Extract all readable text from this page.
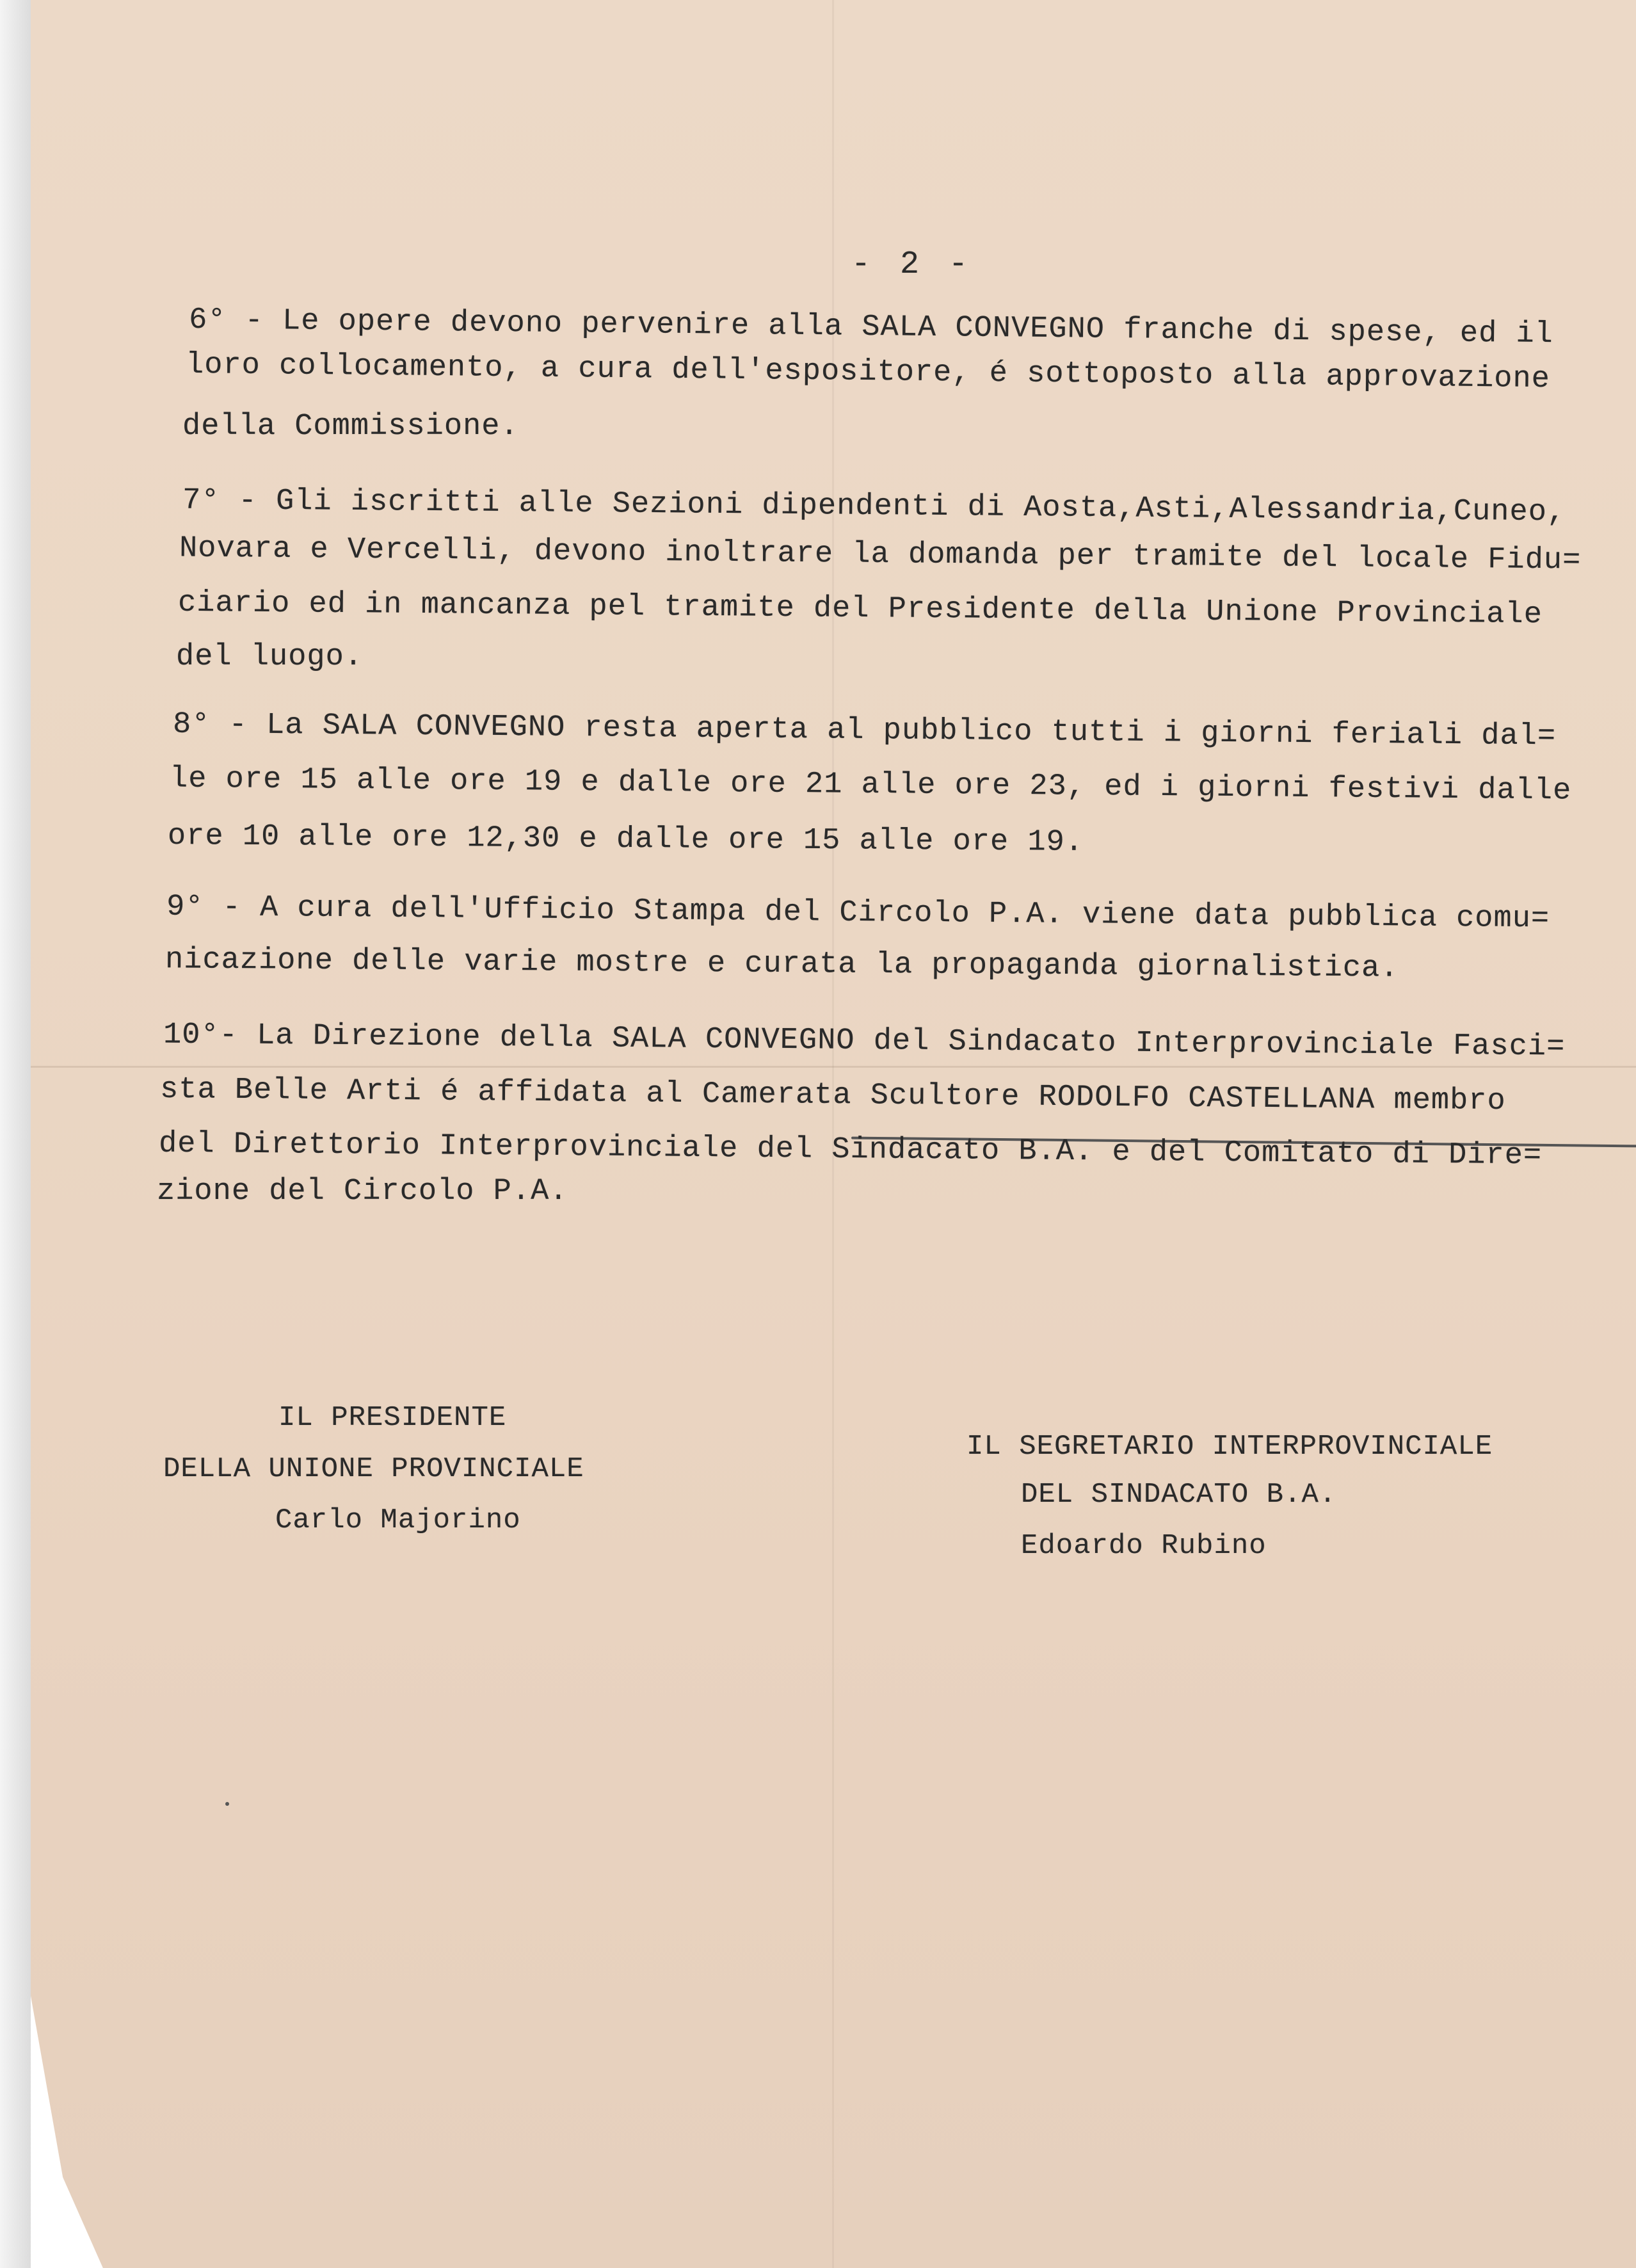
- 2 -
6° - Le opere devono pervenire alla SALA CONVEGNO franche di spese, ed il
loro collocamento, a cura dell'espositore, é sottoposto alla approvazione
della Commissione.
7° - Gli iscritti alle Sezioni dipendenti di Aosta,Asti,Alessandria,Cuneo,
Novara e Vercelli, devono inoltrare la domanda per tramite del locale Fidu=
ciario ed in mancanza pel tramite del Presidente della Unione Provinciale
del luogo.
8° - La SALA CONVEGNO resta aperta al pubblico tutti i giorni feriali dal=
le ore 15 alle ore 19 e dalle ore 21 alle ore 23, ed i giorni festivi dalle
ore 10 alle ore 12,30 e dalle ore 15 alle ore 19.
9° - A cura dell'Ufficio Stampa del Circolo P.A. viene data pubblica comu=
nicazione delle varie mostre e curata la propaganda giornalistica.
10°- La Direzione della SALA CONVEGNO del Sindacato Interprovinciale Fasci=
sta Belle Arti é affidata al Camerata Scultore RODOLFO CASTELLANA membro
del Direttorio Interprovinciale del Sindacato B.A. e del Comitato di Dire=
zione del Circolo P.A.
IL PRESIDENTE
DELLA UNIONE PROVINCIALE
Carlo Majorino
IL SEGRETARIO INTERPROVINCIALE
DEL SINDACATO B.A.
Edoardo Rubino
